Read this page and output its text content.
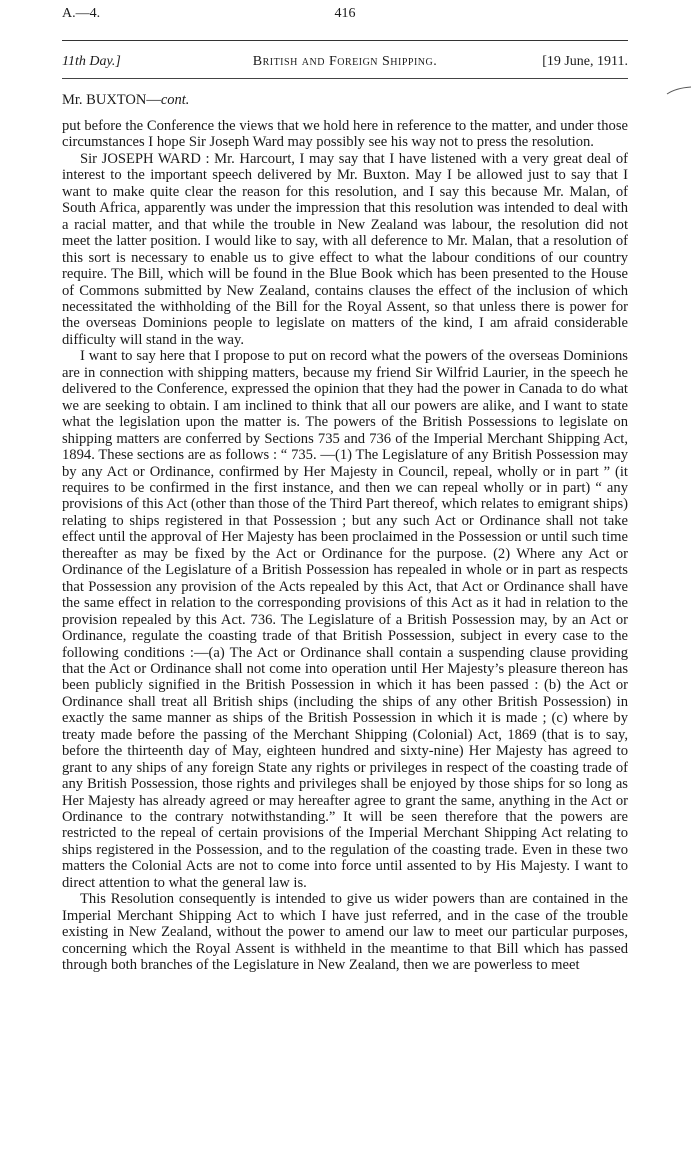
A.—4.	416
11th Day.]	British and Foreign Shipping.	[19 June, 1911.
Mr. BUXTON—cont.

put before the Conference the views that we hold here in reference to the matter, and under those circumstances I hope Sir Joseph Ward may possibly see his way not to press the resolution.

Sir JOSEPH WARD : Mr. Harcourt, I may say that I have listened with a very great deal of interest to the important speech delivered by Mr. Buxton. May I be allowed just to say that I want to make quite clear the reason for this resolution, and I say this because Mr. Malan, of South Africa, apparently was under the impression that this resolution was intended to deal with a racial matter, and that while the trouble in New Zealand was labour, the resolution did not meet the latter position. I would like to say, with all deference to Mr. Malan, that a resolution of this sort is necessary to enable us to give effect to what the labour conditions of our country require. The Bill, which will be found in the Blue Book which has been presented to the House of Commons submitted by New Zealand, contains clauses the effect of the inclusion of which necessitated the withholding of the Bill for the Royal Assent, so that unless there is power for the overseas Dominions people to legislate on matters of the kind, I am afraid considerable difficulty will stand in the way.

I want to say here that I propose to put on record what the powers of the overseas Dominions are in connection with shipping matters, because my friend Sir Wilfrid Laurier, in the speech he delivered to the Conference, expressed the opinion that they had the power in Canada to do what we are seeking to obtain. I am inclined to think that all our powers are alike, and I want to state what the legislation upon the matter is. The powers of the British Possessions to legislate on shipping matters are conferred by Sections 735 and 736 of the Imperial Merchant Shipping Act, 1894. These sections are as follows : “ 735. —(1) The Legislature of any British Possession may by any Act or Ordinance, confirmed by Her Majesty in Council, repeal, wholly or in part ” (it requires to be confirmed in the first instance, and then we can repeal wholly or in part) “ any provisions of this Act (other than those of the Third Part thereof, which relates to emigrant ships) relating to ships registered in that Possession ; but any such Act or Ordinance shall not take effect until the approval of Her Majesty has been proclaimed in the Possession or until such time thereafter as may be fixed by the Act or Ordinance for the purpose. (2) Where any Act or Ordinance of the Legislature of a British Possession has repealed in whole or in part as respects that Possession any provision of the Acts repealed by this Act, that Act or Ordinance shall have the same effect in relation to the corresponding provisions of this Act as it had in relation to the provision repealed by this Act. 736. The Legislature of a British Possession may, by an Act or Ordinance, regulate the coasting trade of that British Possession, subject in every case to the following conditions :—(a) The Act or Ordinance shall contain a suspending clause providing that the Act or Ordinance shall not come into operation until Her Majesty’s pleasure thereon has been publicly signified in the British Possession in which it has been passed : (b) the Act or Ordinance shall treat all British ships (including the ships of any other British Possession) in exactly the same manner as ships of the British Possession in which it is made ; (c) where by treaty made before the passing of the Merchant Shipping (Colonial) Act, 1869 (that is to say, before the thirteenth day of May, eighteen hundred and sixty-nine) Her Majesty has agreed to grant to any ships of any foreign State any rights or privileges in respect of the coasting trade of any British Possession, those rights and privileges shall be enjoyed by those ships for so long as Her Majesty has already agreed or may hereafter agree to grant the same, anything in the Act or Ordinance to the contrary notwithstanding.” It will be seen therefore that the powers are restricted to the repeal of certain provisions of the Imperial Merchant Shipping Act relating to ships registered in the Possession, and to the regulation of the coasting trade. Even in these two matters the Colonial Acts are not to come into force until assented to by His Majesty. I want to direct attention to what the general law is.

This Resolution consequently is intended to give us wider powers than are contained in the Imperial Merchant Shipping Act to which I have just referred, and in the case of the trouble existing in New Zealand, without the power to amend our law to meet our particular purposes, concerning which the Royal Assent is withheld in the meantime to that Bill which has passed through both branches of the Legislature in New Zealand, then we are powerless to meet
